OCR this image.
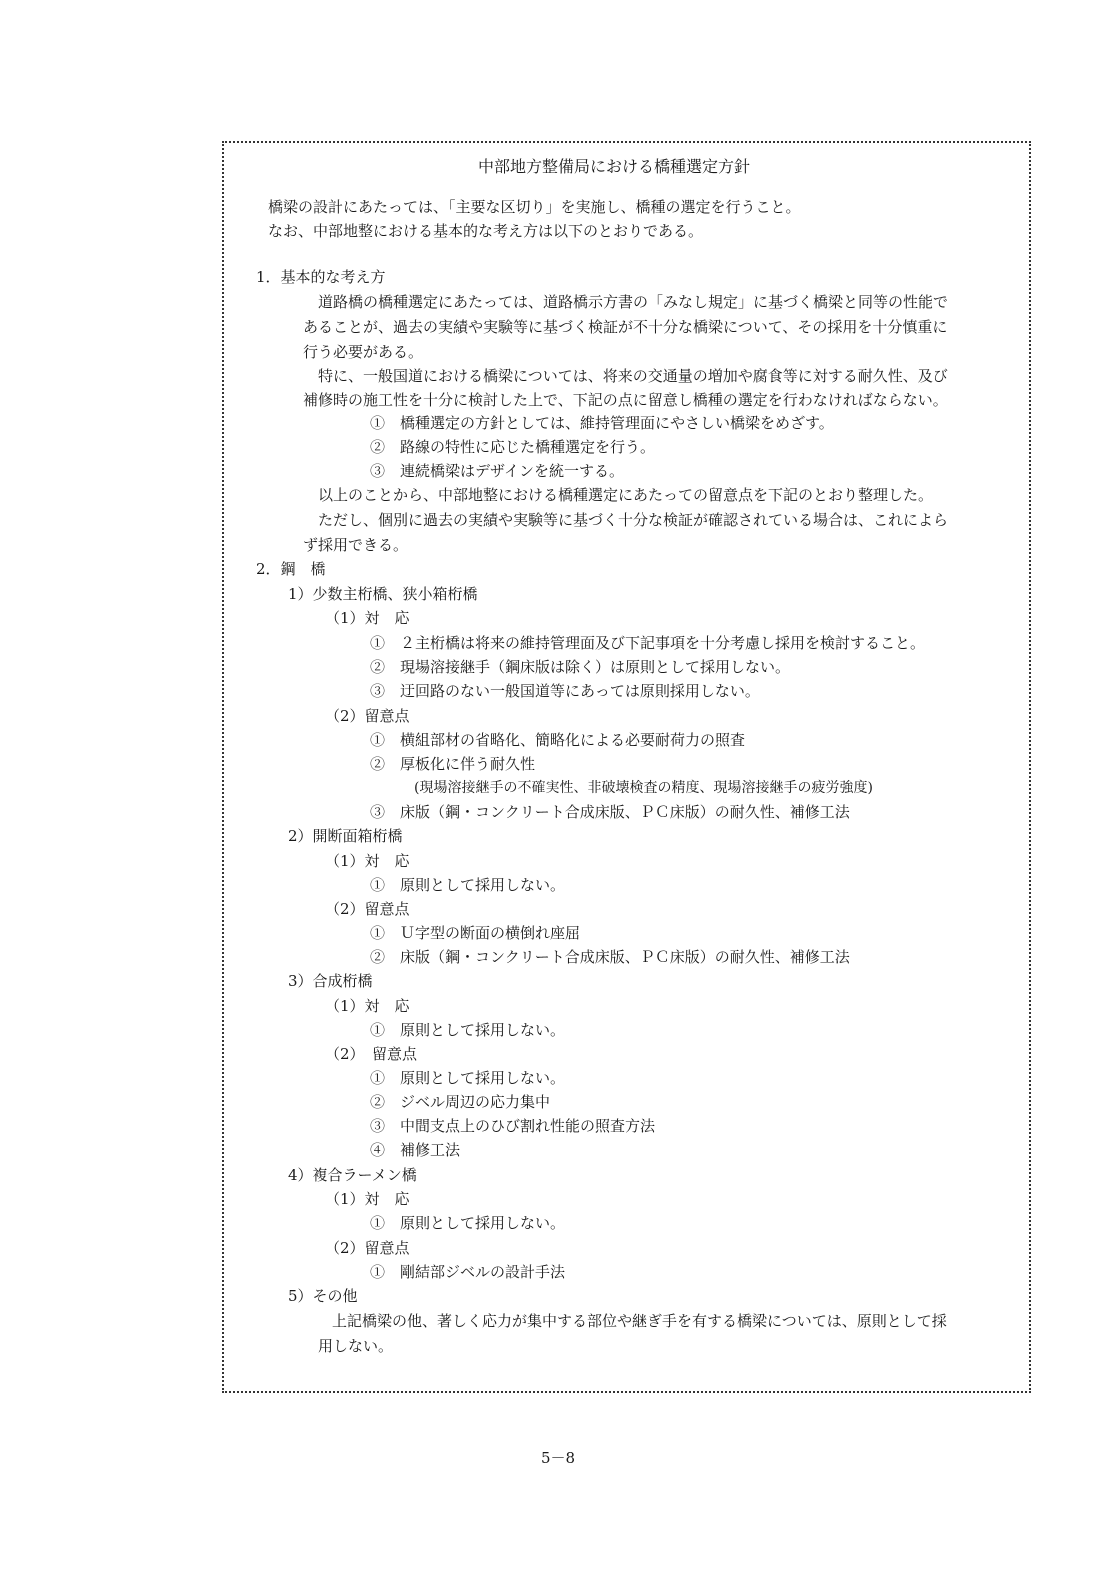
中部地方整備局における橋種選定方針
橋梁の設計にあたっては、「主要な区切り」を実施し、橋種の選定を行うこと。
なお、中部地整における基本的な考え方は以下のとおりである。
1．基本的な考え方
道路橋の橋種選定にあたっては、道路橋示方書の「みなし規定」に基づく橋梁と同等の性能で
あることが、過去の実績や実験等に基づく検証が不十分な橋梁について、その採用を十分慎重に
行う必要がある。
特に、一般国道における橋梁については、将来の交通量の増加や腐食等に対する耐久性、及び
補修時の施工性を十分に検討した上で、下記の点に留意し橋種の選定を行わなければならない。
①　橋種選定の方針としては、維持管理面にやさしい橋梁をめざす。
②　路線の特性に応じた橋種選定を行う。
③　連続橋梁はデザインを統一する。
以上のことから、中部地整における橋種選定にあたっての留意点を下記のとおり整理した。
ただし、個別に過去の実績や実験等に基づく十分な検証が確認されている場合は、これによら
ず採用できる。
2．鋼　橋
1）少数主桁橋、狭小箱桁橋
（1）対　応
①　２主桁橋は将来の維持管理面及び下記事項を十分考慮し採用を検討すること。
②　現場溶接継手（鋼床版は除く）は原則として採用しない。
③　迂回路のない一般国道等にあっては原則採用しない。
（2）留意点
①　横組部材の省略化、簡略化による必要耐荷力の照査
②　厚板化に伴う耐久性
(現場溶接継手の不確実性、非破壊検査の精度、現場溶接継手の疲労強度)
③　床版（鋼・コンクリート合成床版、ＰＣ床版）の耐久性、補修工法
2）開断面箱桁橋
（1）対　応
①　原則として採用しない。
（2）留意点
①　Ｕ字型の断面の横倒れ座屈
②　床版（鋼・コンクリート合成床版、ＰＣ床版）の耐久性、補修工法
3）合成桁橋
（1）対　応
①　原則として採用しない。
（2）　留意点
①　原則として採用しない。
②　ジベル周辺の応力集中
③　中間支点上のひび割れ性能の照査方法
④　補修工法
4）複合ラーメン橋
（1）対　応
①　原則として採用しない。
（2）留意点
①　剛結部ジベルの設計手法
5）その他
上記橋梁の他、著しく応力が集中する部位や継ぎ手を有する橋梁については、原則として採
用しない。
5－8
